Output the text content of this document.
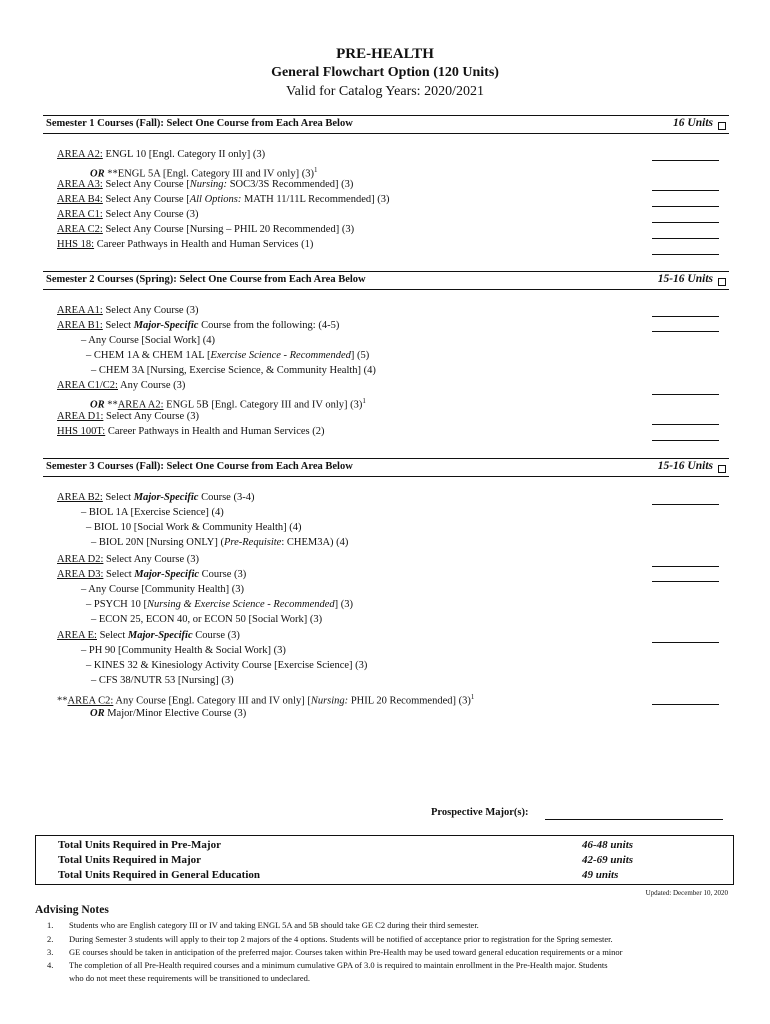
PRE-HEALTH
General Flowchart Option (120 Units)
Valid for Catalog Years: 2020/2021
Semester 1 Courses (Fall): Select One Course from Each Area Below	16 Units
AREA A2: ENGL 10 [Engl. Category II only] (3)
OR **ENGL 5A [Engl. Category III and IV only] $(3)^1$
AREA A3: Select Any Course [Nursing: SOC3/3S Recommended] (3)
AREA B4: Select Any Course [All Options: MATH 11/11L Recommended] (3)
AREA C1: Select Any Course (3)
AREA C2: Select Any Course [Nursing – PHIL 20 Recommended] (3)
HHS 18: Career Pathways in Health and Human Services (1)
Semester 2 Courses (Spring): Select One Course from Each Area Below	15-16 Units
AREA A1: Select Any Course (3)
AREA B1: Select Major-Specific Course from the following: (4-5)
– Any Course [Social Work] (4)
– CHEM 1A & CHEM 1AL [Exercise Science - Recommended] (5)
– CHEM 3A [Nursing, Exercise Science, & Community Health] (4)
AREA C1/C2: Any Course (3)
OR **AREA A2: ENGL 5B [Engl. Category III and IV only] $(3)^1$
AREA D1: Select Any Course (3)
HHS 100T: Career Pathways in Health and Human Services (2)
Semester 3 Courses (Fall): Select One Course from Each Area Below	15-16 Units
AREA B2: Select Major-Specific Course (3-4)
– BIOL 1A [Exercise Science] (4)
– BIOL 10 [Social Work & Community Health] (4)
– BIOL 20N [Nursing ONLY] (Pre-Requisite: CHEM3A) (4)
AREA D2: Select Any Course (3)
AREA D3: Select Major-Specific Course (3)
– Any Course [Community Health] (3)
– PSYCH 10 [Nursing & Exercise Science - Recommended] (3)
– ECON 25, ECON 40, or ECON 50 [Social Work] (3)
AREA E: Select Major-Specific Course (3)
– PH 90 [Community Health & Social Work] (3)
– KINES 32 & Kinesiology Activity Course [Exercise Science] (3)
– CFS 38/NUTR 53 [Nursing] (3)
**AREA C2: Any Course [Engl. Category III and IV only] [Nursing: PHIL 20 Recommended] $(3)^1$
OR Major/Minor Elective Course (3)
Prospective Major(s):
Total Units Required in Pre-Major	46-48 units
Total Units Required in Major	42-69 units
Total Units Required in General Education	49 units
Updated: December 10, 2020
Advising Notes
1. Students who are English category III or IV and taking ENGL 5A and 5B should take GE C2 during their third semester.
2. During Semester 3 students will apply to their top 2 majors of the 4 options. Students will be notified of acceptance prior to registration for the Spring semester.
3. GE courses should be taken in anticipation of the preferred major. Courses taken within Pre-Health may be used toward general education requirements or a minor
4. The completion of all Pre-Health required courses and a minimum cumulative GPA of 3.0 is required to maintain enrollment in the Pre-Health major. Students
who do not meet these requirements will be transitioned to undeclared.
